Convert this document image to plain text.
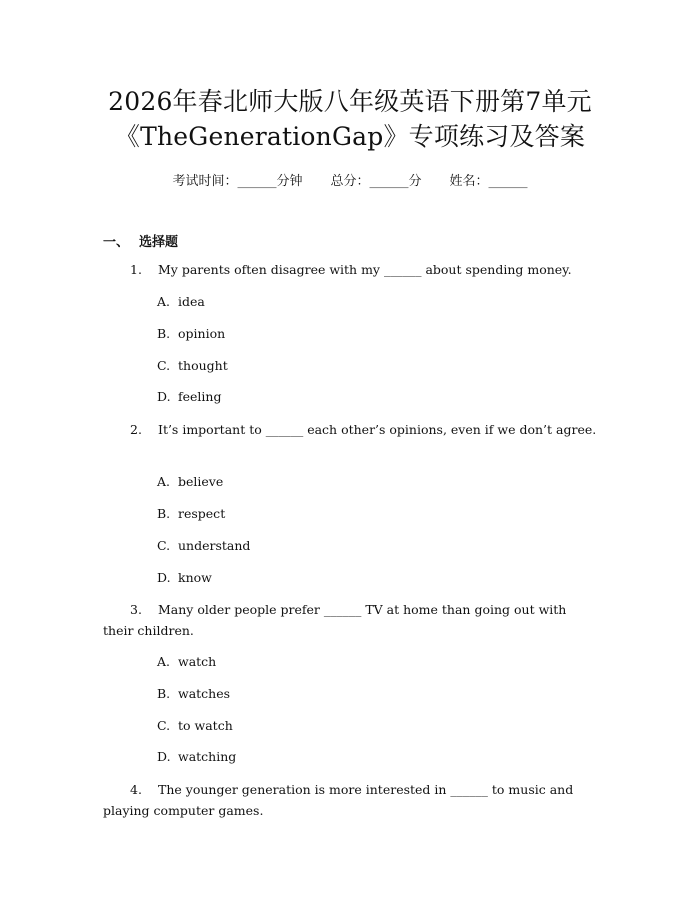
2026年春北师大版八年级英语下册第7单元
《TheGenerationGap》专项练习及答案
考试时间：______分钟 总分：______分 姓名：______
一、 选择题
1. My parents often disagree with my ______ about spending money.
A. idea
B. opinion
C. thought
D. feeling
2. It’s important to ______ each other’s opinions, even if we don’t agree.
A. believe
B. respect
C. understand
D. know
3. Many older people prefer ______ TV at home than going out with their children.
A. watch
B. watches
C. to watch
D. watching
4. The younger generation is more interested in ______ to music and playing computer games.
